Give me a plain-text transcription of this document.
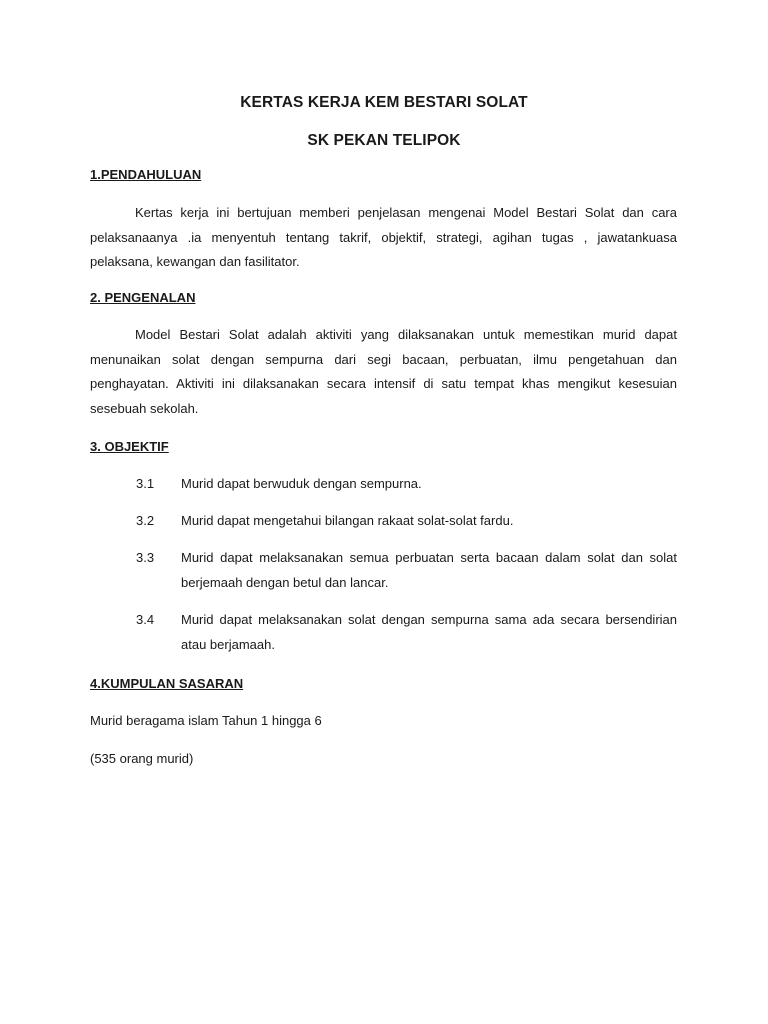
KERTAS KERJA KEM BESTARI SOLAT
SK PEKAN TELIPOK
1.PENDAHULUAN

Kertas kerja ini bertujuan memberi penjelasan mengenai Model Bestari Solat dan cara pelaksanaanya .ia menyentuh tentang takrif, objektif, strategi, agihan tugas , jawatankuasa pelaksana, kewangan dan fasilitator.

2. PENGENALAN

Model Bestari Solat adalah aktiviti yang dilaksanakan untuk memestikan murid dapat menunaikan solat dengan sempurna dari segi bacaan, perbuatan, ilmu pengetahuan dan penghayatan. Aktiviti ini dilaksanakan secara intensif di satu tempat khas mengikut kesesuian sesebuah sekolah.

3. OBJEKTIF
3.1 Murid dapat berwuduk dengan sempurna.
3.2 Murid dapat mengetahui bilangan rakaat solat-solat fardu.
3.3 Murid dapat melaksanakan semua perbuatan serta bacaan dalam solat dan solat berjemaah dengan betul dan lancar.
3.4 Murid dapat melaksanakan solat dengan sempurna sama ada secara bersendirian atau berjamaah.
4.KUMPULAN SASARAN

Murid beragama islam Tahun 1 hingga 6

(535 orang murid)
